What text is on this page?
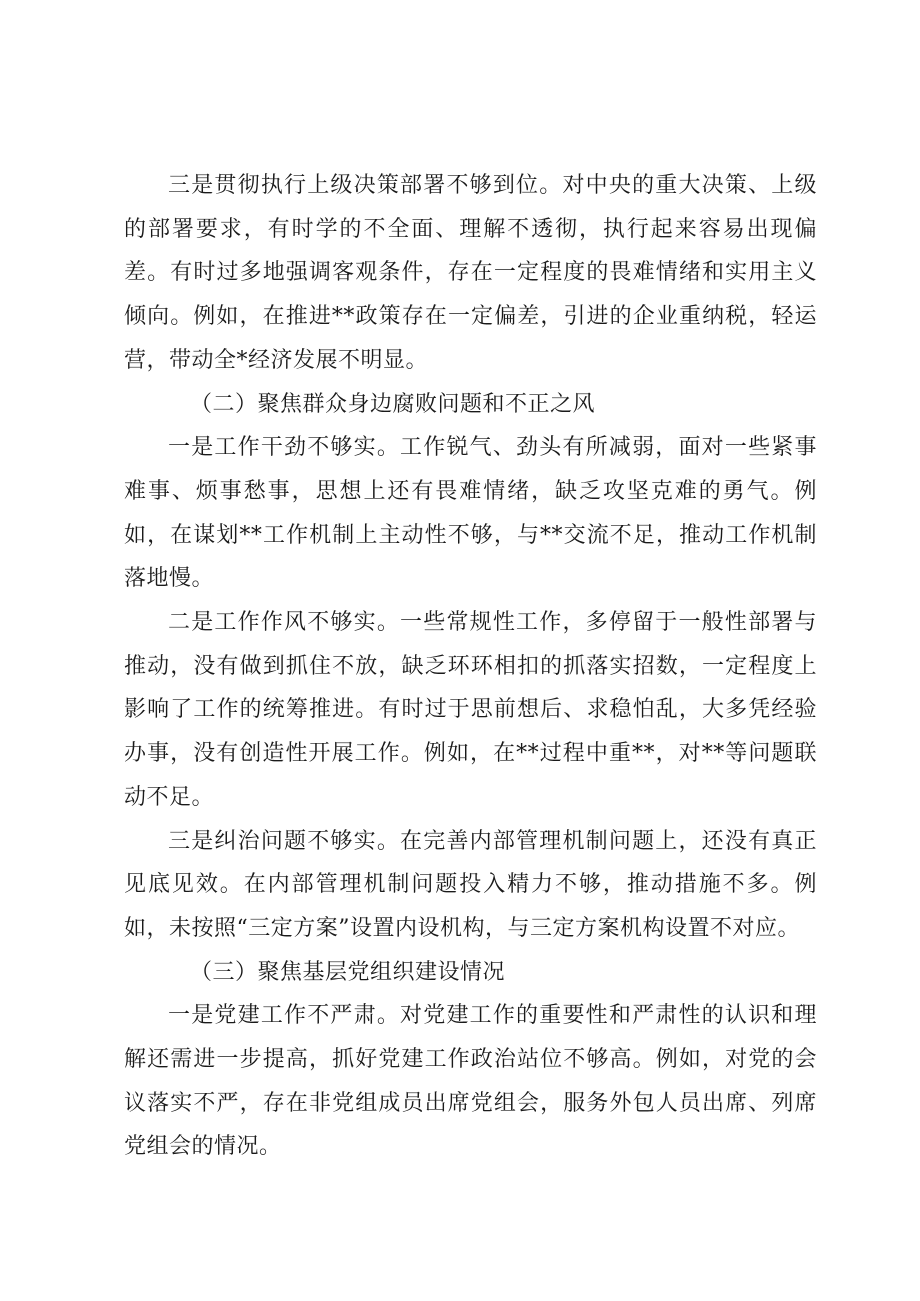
三是贯彻执行上级决策部署不够到位。对中央的重大决策、上级的部署要求，有时学的不全面、理解不透彻，执行起来容易出现偏差。有时过多地强调客观条件，存在一定程度的畏难情绪和实用主义倾向。例如，在推进**政策存在一定偏差，引进的企业重纳税，轻运营，带动全*经济发展不明显。

（二）聚焦群众身边腐败问题和不正之风

一是工作干劲不够实。工作锐气、劲头有所减弱，面对一些紧事难事、烦事愁事，思想上还有畏难情绪，缺乏攻坚克难的勇气。例如，在谋划**工作机制上主动性不够，与**交流不足，推动工作机制落地慢。

二是工作作风不够实。一些常规性工作，多停留于一般性部署与推动，没有做到抓住不放，缺乏环环相扣的抓落实招数，一定程度上影响了工作的统筹推进。有时过于思前想后、求稳怕乱，大多凭经验办事，没有创造性开展工作。例如，在**过程中重**，对**等问题联动不足。

三是纠治问题不够实。在完善内部管理机制问题上，还没有真正见底见效。在内部管理机制问题投入精力不够，推动措施不多。例如，未按照“三定方案”设置内设机构，与三定方案机构设置不对应。

（三）聚焦基层党组织建设情况

一是党建工作不严肃。对党建工作的重要性和严肃性的认识和理解还需进一步提高，抓好党建工作政治站位不够高。例如，对党的会议落实不严，存在非党组成员出席党组会，服务外包人员出席、列席党组会的情况。
